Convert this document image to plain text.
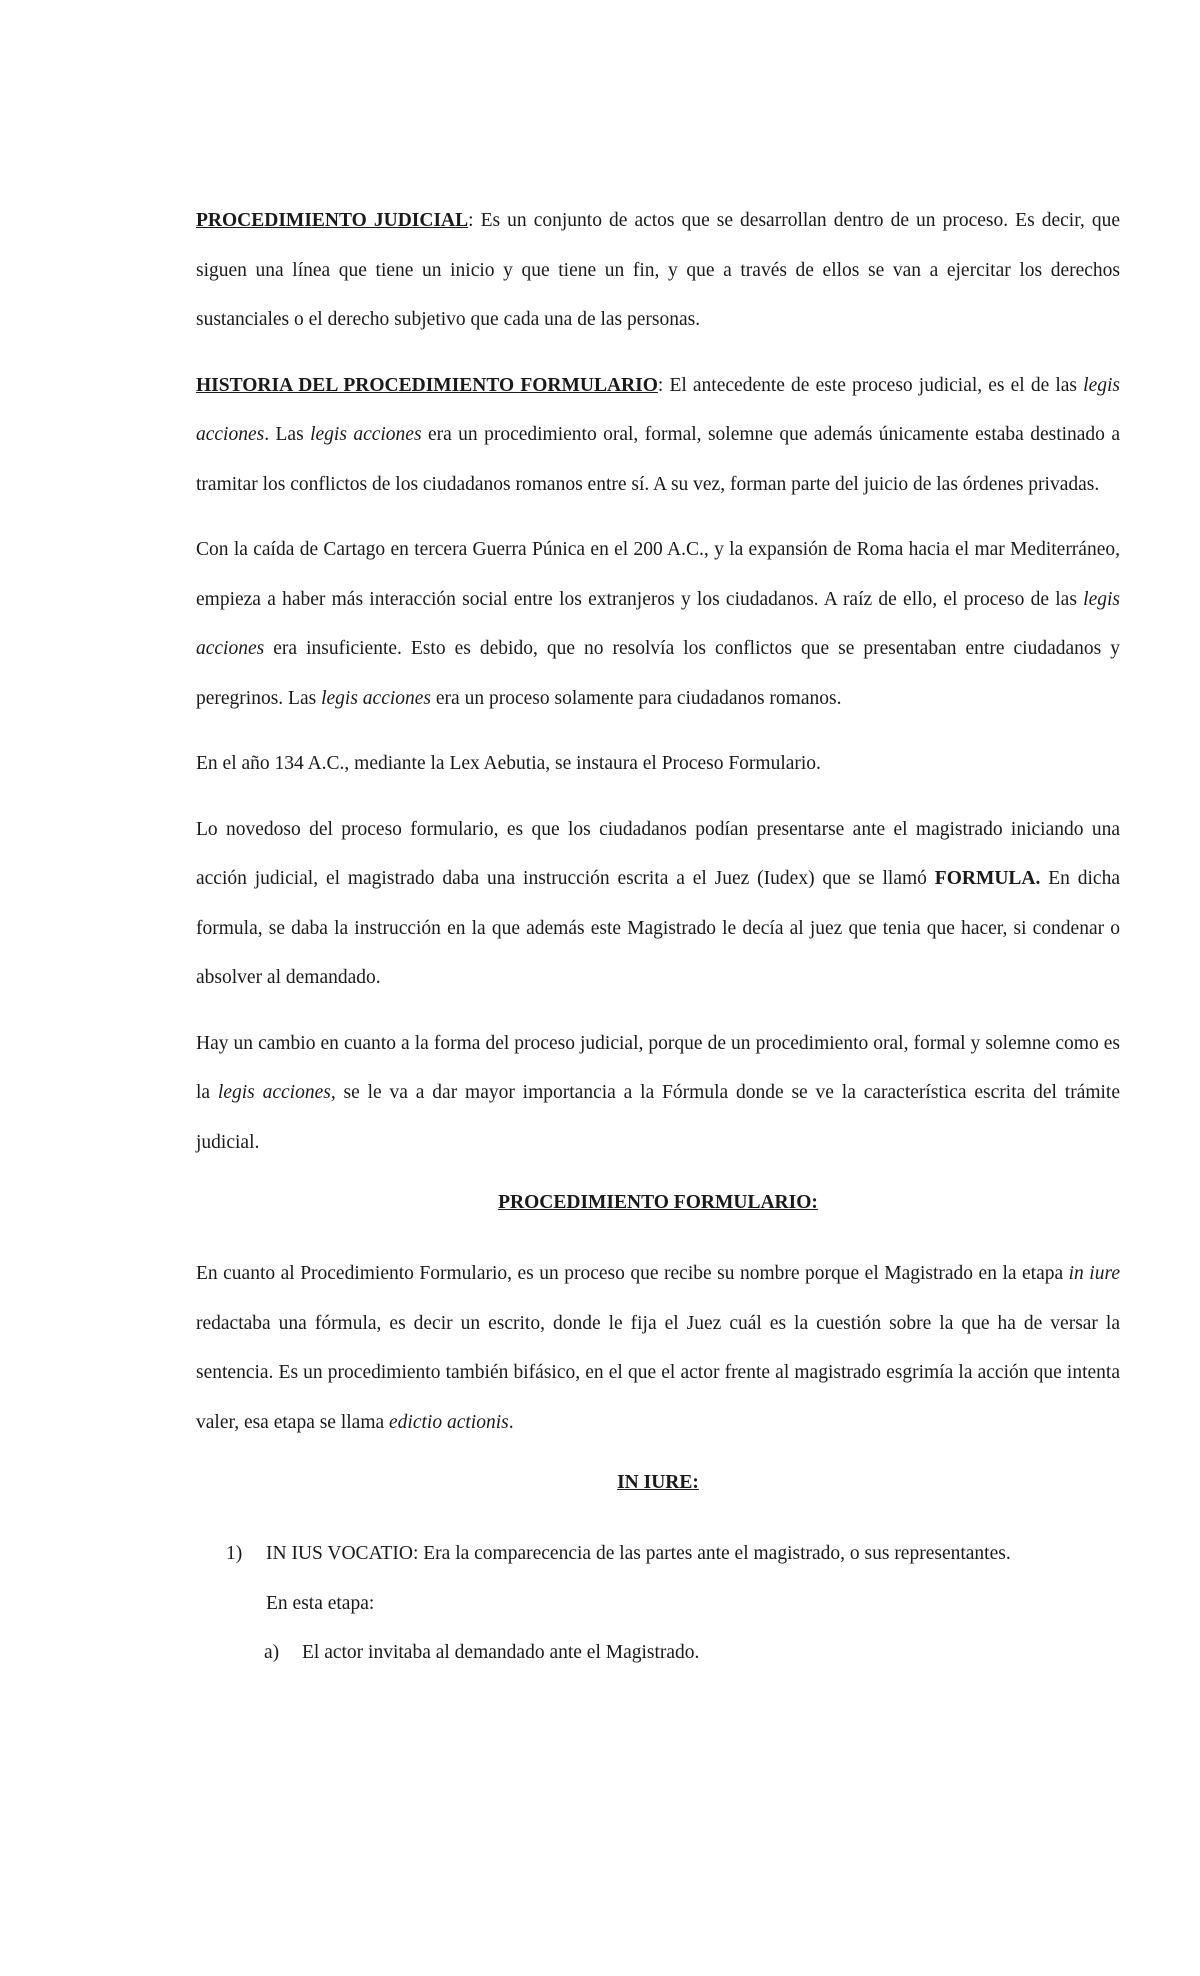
PROCEDIMIENTO JUDICIAL: Es un conjunto de actos que se desarrollan dentro de un proceso. Es decir, que siguen una línea que tiene un inicio y que tiene un fin, y que a través de ellos se van a ejercitar los derechos sustanciales o el derecho subjetivo que cada una de las personas.

HISTORIA DEL PROCEDIMIENTO FORMULARIO: El antecedente de este proceso judicial, es el de las legis acciones. Las legis acciones era un procedimiento oral, formal, solemne que además únicamente estaba destinado a tramitar los conflictos de los ciudadanos romanos entre sí. A su vez, forman parte del juicio de las órdenes privadas.

Con la caída de Cartago en tercera Guerra Púnica en el 200 A.C., y la expansión de Roma hacia el mar Mediterráneo, empieza a haber más interacción social entre los extranjeros y los ciudadanos. A raíz de ello, el proceso de las legis acciones era insuficiente. Esto es debido, que no resolvía los conflictos que se presentaban entre ciudadanos y peregrinos. Las legis acciones era un proceso solamente para ciudadanos romanos.

En el año 134 A.C., mediante la Lex Aebutia, se instaura el Proceso Formulario.

Lo novedoso del proceso formulario, es que los ciudadanos podían presentarse ante el magistrado iniciando una acción judicial, el magistrado daba una instrucción escrita a el Juez (Iudex) que se llamó FORMULA. En dicha formula, se daba la instrucción en la que además este Magistrado le decía al juez que tenia que hacer, si condenar o absolver al demandado.

Hay un cambio en cuanto a la forma del proceso judicial, porque de un procedimiento oral, formal y solemne como es la legis acciones, se le va a dar mayor importancia a la Fórmula donde se ve la característica escrita del trámite judicial.

PROCEDIMIENTO FORMULARIO:

En cuanto al Procedimiento Formulario, es un proceso que recibe su nombre porque el Magistrado en la etapa in iure redactaba una fórmula, es decir un escrito, donde le fija el Juez cuál es la cuestión sobre la que ha de versar la sentencia. Es un procedimiento también bifásico, en el que el actor frente al magistrado esgrimía la acción que intenta valer, esa etapa se llama edictio actionis.

IN IURE:

1) IN IUS VOCATIO: Era la comparecencia de las partes ante el magistrado, o sus representantes.

En esta etapa:

a) El actor invitaba al demandado ante el Magistrado.
